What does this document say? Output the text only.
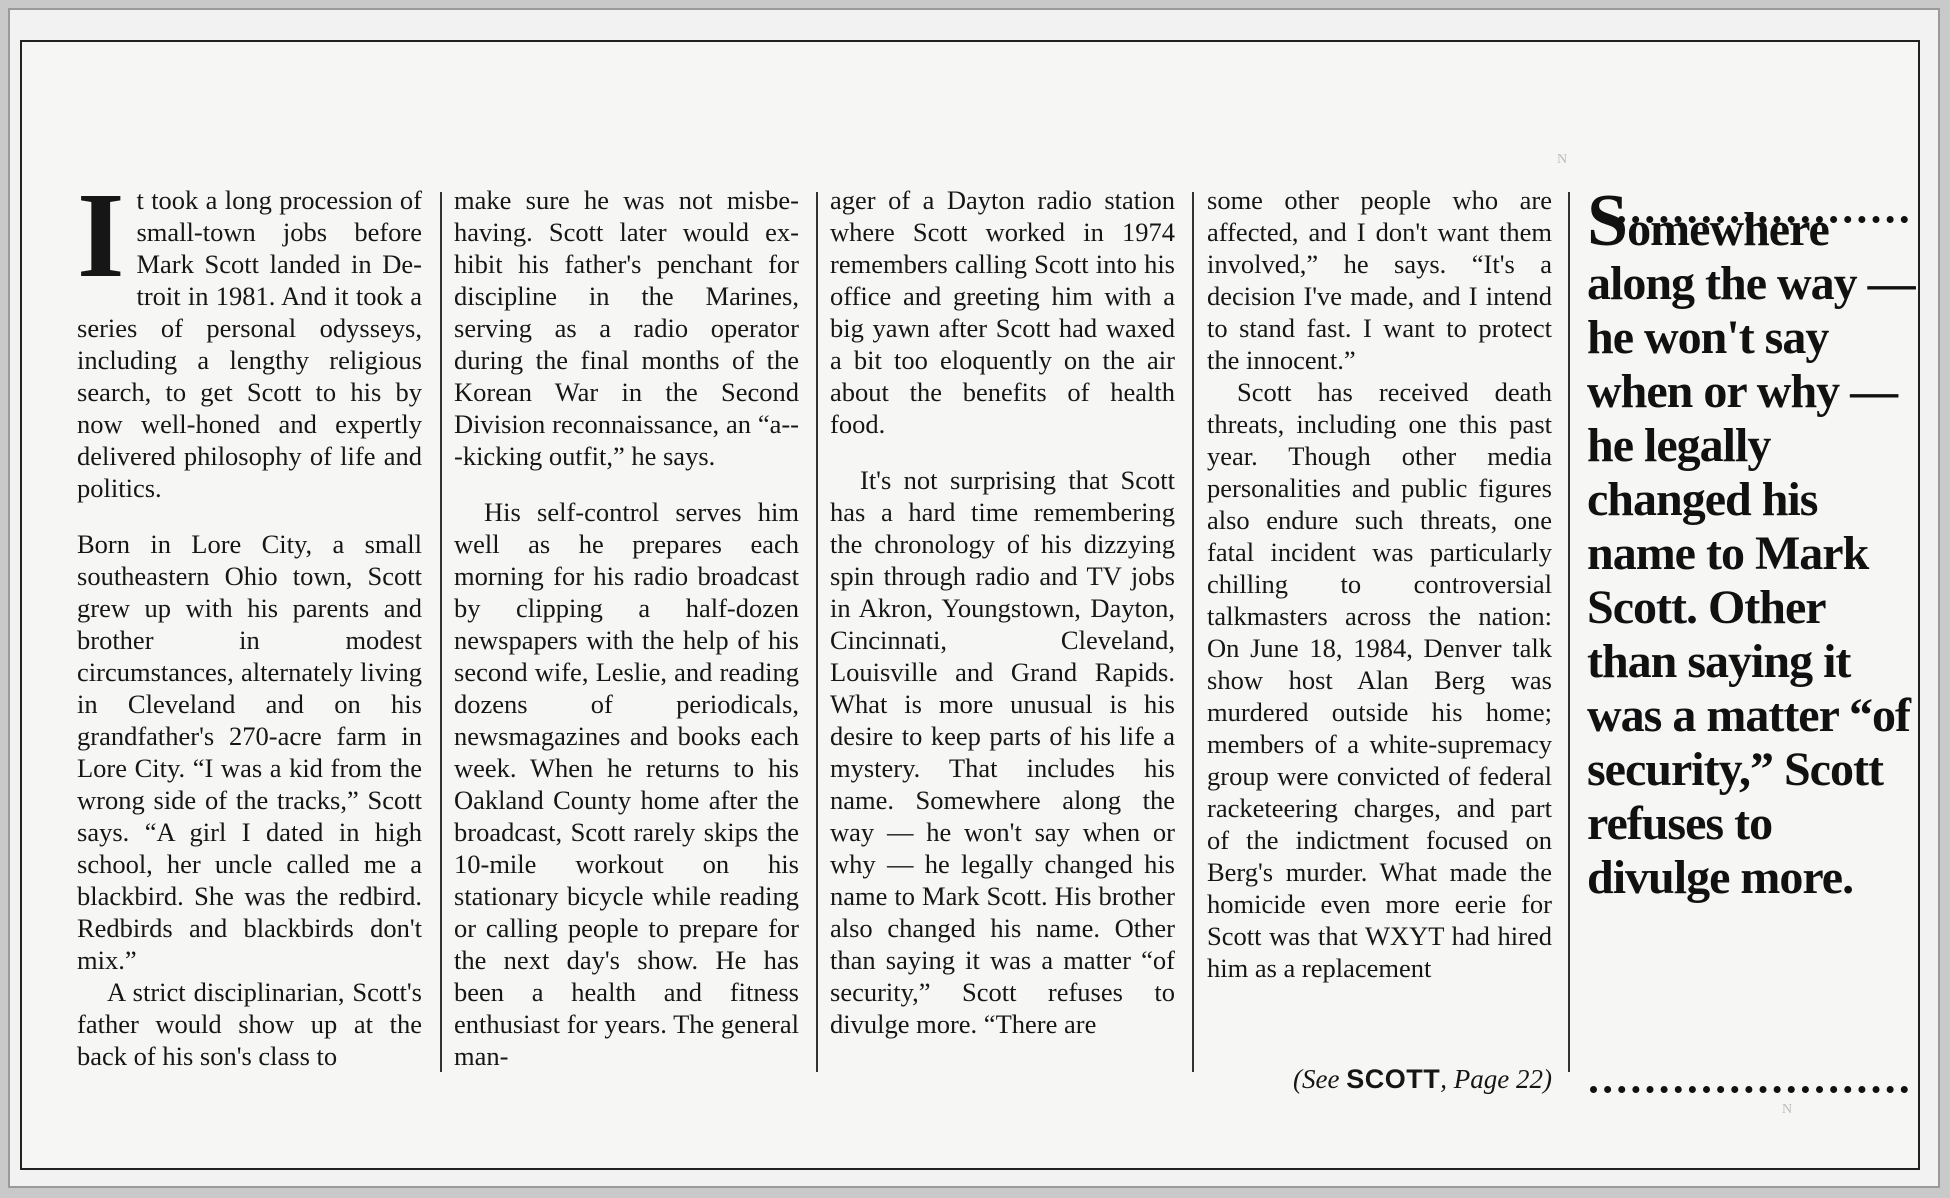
It took a long procession of small-town jobs before Mark Scott landed in Detroit in 1981. And it took a series of personal odysseys, including a lengthy religious search, to get Scott to his by now well-honed and expertly delivered philosophy of life and politics.

Born in Lore City, a small southeastern Ohio town, Scott grew up with his parents and brother in modest circumstances, alternately living in Cleveland and on his grandfather's 270-acre farm in Lore City. “I was a kid from the wrong side of the tracks,” Scott says. “A girl I dated in high school, her uncle called me a blackbird. She was the redbird. Redbirds and blackbirds don't mix.”

A strict disciplinarian, Scott's father would show up at the back of his son's class to

make sure he was not misbehaving. Scott later would exhibit his father's penchant for discipline in the Marines, serving as a radio operator during the final months of the Korean War in the Second Division reconnaissance, an “a---kicking outfit,” he says.

His self-control serves him well as he prepares each morning for his radio broadcast by clipping a half-dozen newspapers with the help of his second wife, Leslie, and reading dozens of periodicals, newsmagazines and books each week. When he returns to his Oakland County home after the broadcast, Scott rarely skips the 10-mile workout on his stationary bicycle while reading or calling people to prepare for the next day's show. He has been a health and fitness enthusiast for years. The general man-

ager of a Dayton radio station where Scott worked in 1974 remembers calling Scott into his office and greeting him with a big yawn after Scott had waxed a bit too eloquently on the air about the benefits of health food.

It's not surprising that Scott has a hard time remembering the chronology of his dizzying spin through radio and TV jobs in Akron, Youngstown, Dayton, Cincinnati, Cleveland, Louisville and Grand Rapids. What is more unusual is his desire to keep parts of his life a mystery. That includes his name. Somewhere along the way — he won't say when or why — he legally changed his name to Mark Scott. His brother also changed his name. Other than saying it was a matter “of security,” Scott refuses to divulge more. “There are

some other people who are affected, and I don't want them involved,” he says. “It's a decision I've made, and I intend to stand fast. I want to protect the innocent.”

Scott has received death threats, including one this past year. Though other media personalities and public figures also endure such threats, one fatal incident was particularly chilling to controversial talkmasters across the nation: On June 18, 1984, Denver talk show host Alan Berg was murdered outside his home; members of a white-supremacy group were convicted of federal racketeering charges, and part of the indictment focused on Berg's murder. What made the homicide even more eerie for Scott was that WXYT had hired him as a replacement

(See SCOTT, Page 22)
Somewhere along the way — he won't say when or why — he legally changed his name to Mark Scott. Other than saying it was a matter “of security,” Scott refuses to divulge more.
N
N
